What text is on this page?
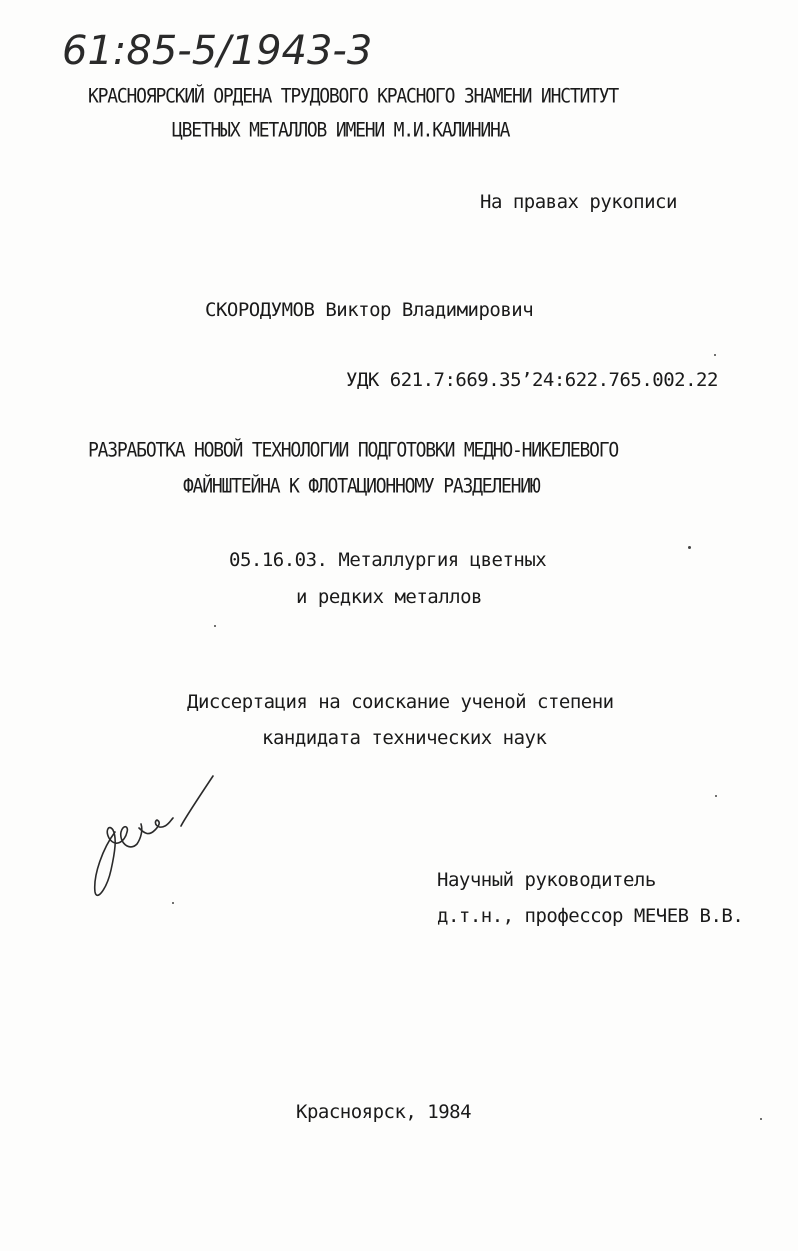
61:85-5/1943-3
КРАСНОЯРСКИЙ ОРДЕНА ТРУДОВОГО КРАСНОГО ЗНАМЕНИ ИНСТИТУТ
ЦВЕТНЫХ МЕТАЛЛОВ ИМЕНИ М.И.КАЛИНИНА
На правах рукописи
СКОРОДУМОВ Виктор Владимирович
УДК 621.7:669.35’24:622.765.002.22
РАЗРАБОТКА НОВОЙ ТЕХНОЛОГИИ ПОДГОТОВКИ МЕДНО-НИКЕЛЕВОГО
ФАЙНШТЕЙНА К ФЛОТАЦИОННОМУ РАЗДЕЛЕНИЮ
05.16.03. Металлургия цветных
и редких металлов
Диссертация на соискание ученой степени
кандидата технических наук
Научный руководитель
д.т.н., профессор МЕЧЕВ В.В.
Красноярск, 1984
